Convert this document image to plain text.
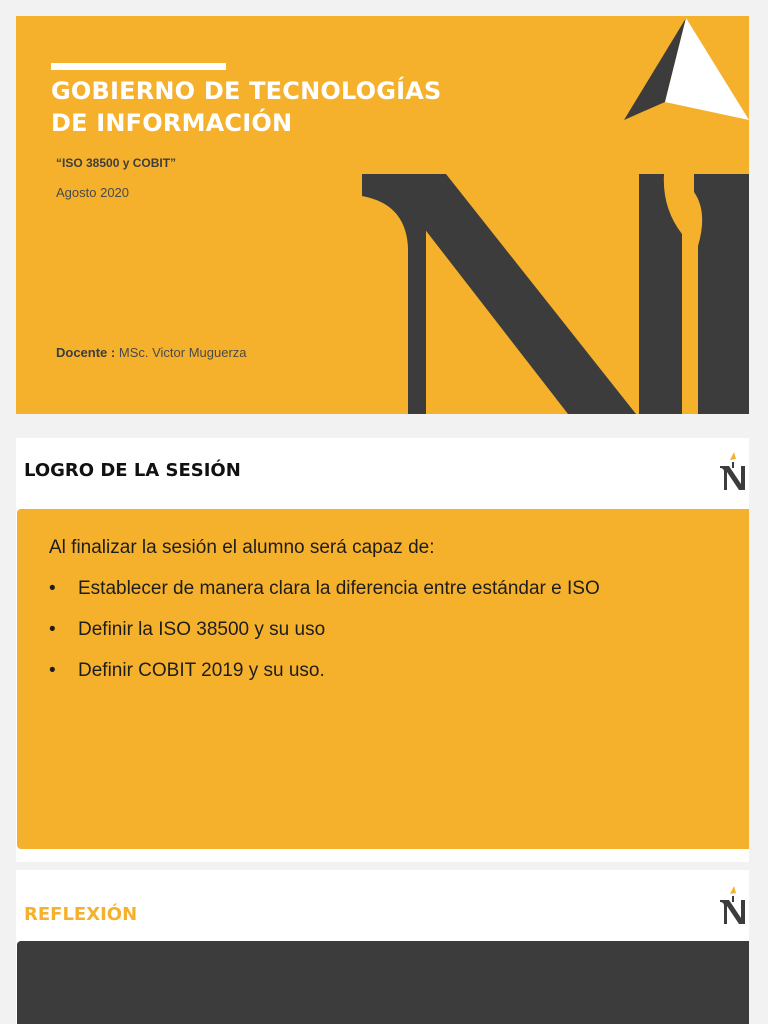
GOBIERNO DE TECNOLOGÍAS
DE INFORMACIÓN
“ISO 38500 y COBIT”
Agosto 2020
Docente : MSc. Victor Muguerza
LOGRO DE LA SESIÓN
Al finalizar la sesión el alumno será capaz de:
• Establecer de manera clara la diferencia entre estándar e ISO
• Definir la ISO 38500 y su uso
• Definir COBIT 2019 y su uso.
REFLEXIÓN
